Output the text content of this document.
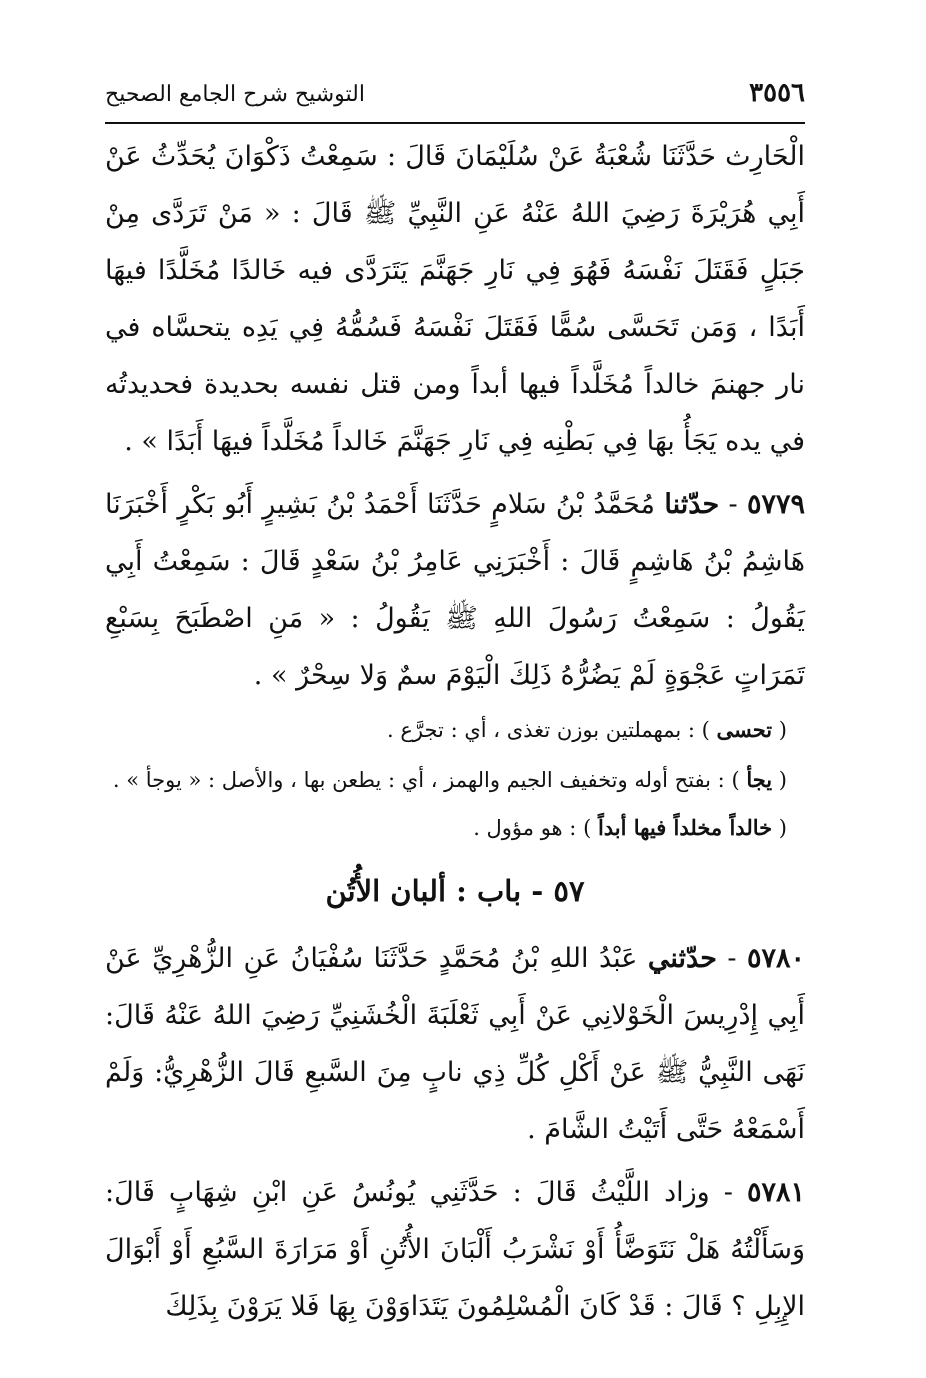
٣٥٥٦
التوشيح شرح الجامع الصحيح

الْحَارِث حَدَّثَنَا شُعْبَةُ عَنْ سُلَيْمَانَ قَالَ : سَمِعْتُ ذَكْوَانَ يُحَدِّثُ عَنْ أَبِي هُرَيْرَةَ رَضِيَ اللهُ عَنْهُ عَنِ النَّبِيِّ ﷺ قَالَ : « مَنْ تَرَدَّى مِنْ جَبَلٍ فَقَتَلَ نَفْسَهُ فَهُوَ فِي نَارِ جَهَنَّمَ يَتَرَدَّى فيه خَالدًا مُخَلَّدًا فيهَا أَبَدًا ، وَمَن تَحَسَّى سُمًّا فَقَتَلَ نَفْسَهُ فَسُمُّهُ فِي يَدِه يتحسَّاه في نار جهنمَ خالداً مُخَلَّداً فيها أبداً ومن قتل نفسه بحديدة فحديدتُه في يده يَجَأُ بهَا فِي بَطْنِه فِي نَارِ جَهَنَّمَ خَالداً مُخَلَّداً فيهَا أَبَدًا » .

٥٧٧٩ - حدّثنا مُحَمَّدُ بْنُ سَلامٍ حَدَّثَنَا أَحْمَدُ بْنُ بَشِيرٍ أَبُو بَكْرٍ أَخْبَرَنَا هَاشِمُ بْنُ هَاشِمٍ قَالَ : أَخْبَرَنِي عَامِرُ بْنُ سَعْدٍ قَالَ : سَمِعْتُ أَبِي يَقُولُ : سَمِعْتُ رَسُولَ اللهِ ﷺ يَقُولُ : « مَنِ اصْطَبَحَ بِسَبْعِ تَمَرَاتٍ عَجْوَةٍ لَمْ يَضُرُّهُ ذَلِكَ الْيَوْمَ سمٌ وَلا سِحْرٌ » .

( تحسى ) : بمهملتين بوزن تغذى ، أي : تجرَّع .
( يجأ ) : بفتح أوله وتخفيف الجيم والهمز ، أي : يطعن بها ، والأصل : « يوجأ » .
( خالداً مخلداً فيها أبداً ) : هو مؤول .
٥٧ - باب : ألبان الأُتُن

٥٧٨٠ - حدّثني عَبْدُ اللهِ بْنُ مُحَمَّدٍ حَدَّثَنَا سُفْيَانُ عَنِ الزُّهْرِيِّ عَنْ أَبِي إِدْرِيسَ الْخَوْلانِي عَنْ أَبِي ثَعْلَبَةَ الْخُشَنِيِّ رَضِيَ اللهُ عَنْهُ قَالَ: نَهَى النَّبِيُّ ﷺ عَنْ أَكْلِ كُلِّ ذِي نابٍ مِنَ السَّبعِ قَالَ الزُّهْرِيُّ: وَلَمْ أَسْمَعْهُ حَتَّى أَتَيْتُ الشَّامَ .

٥٧٨١ - وزاد اللَّيْثُ قَالَ : حَدَّثَنِي يُونُسُ عَنِ ابْنِ شِهَابٍ قَالَ: وَسَأَلْتُهُ هَلْ نَتَوَضَّأُ أَوْ نَشْرَبُ أَلْبَانَ الأُتُنِ أَوْ مَرَارَةَ السَّبُعِ أَوْ أَبْوَالَ الإِبِلِ ؟ قَالَ : قَدْ كَانَ الْمُسْلِمُونَ يَتَدَاوَوْنَ بِهَا فَلا يَرَوْنَ بِذَلِكَ
